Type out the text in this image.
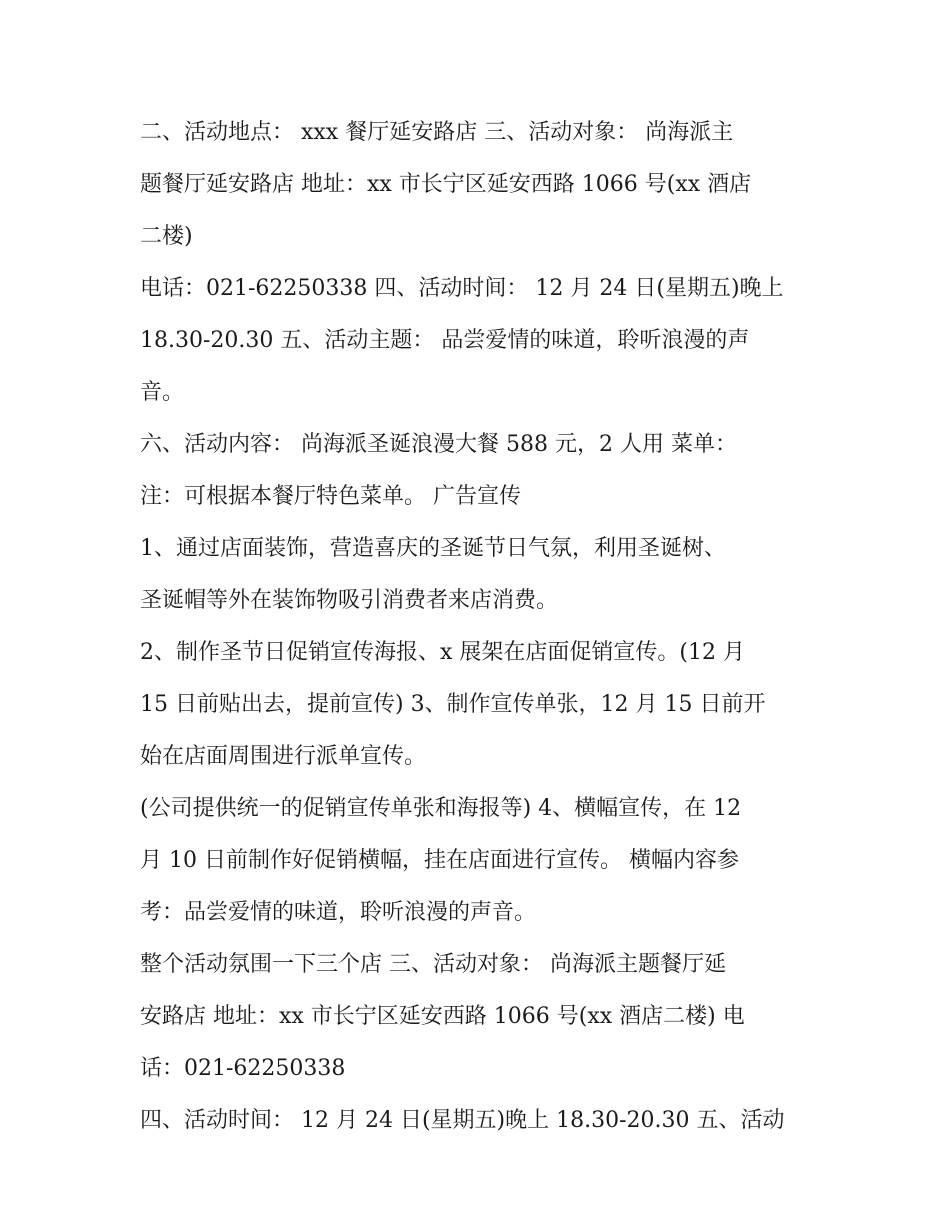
二、活动地点： xxx 餐厅延安路店 三、活动对象： 尚海派主
题餐厅延安路店 地址：xx 市长宁区延安西路 1066 号(xx 酒店
二楼)

电话：021-62250338 四、活动时间： 12 月 24 日(星期五)晚上
18.30-20.30 五、活动主题： 品尝爱情的味道，聆听浪漫的声
音。

六、活动内容： 尚海派圣诞浪漫大餐 588 元，2 人用 菜单：
注：可根据本餐厅特色菜单。 广告宣传

1、通过店面装饰，营造喜庆的圣诞节日气氛，利用圣诞树、
圣诞帽等外在装饰物吸引消费者来店消费。

2、制作圣节日促销宣传海报、x 展架在店面促销宣传。(12 月
15 日前贴出去，提前宣传) 3、制作宣传单张，12 月 15 日前开
始在店面周围进行派单宣传。

(公司提供统一的促销宣传单张和海报等) 4、横幅宣传，在 12
月 10 日前制作好促销横幅，挂在店面进行宣传。 横幅内容参
考：品尝爱情的味道，聆听浪漫的声音。

整个活动氛围一下三个店 三、活动对象： 尚海派主题餐厅延
安路店 地址：xx 市长宁区延安西路 1066 号(xx 酒店二楼) 电
话：021-62250338

四、活动时间： 12 月 24 日(星期五)晚上 18.30-20.30 五、活动
